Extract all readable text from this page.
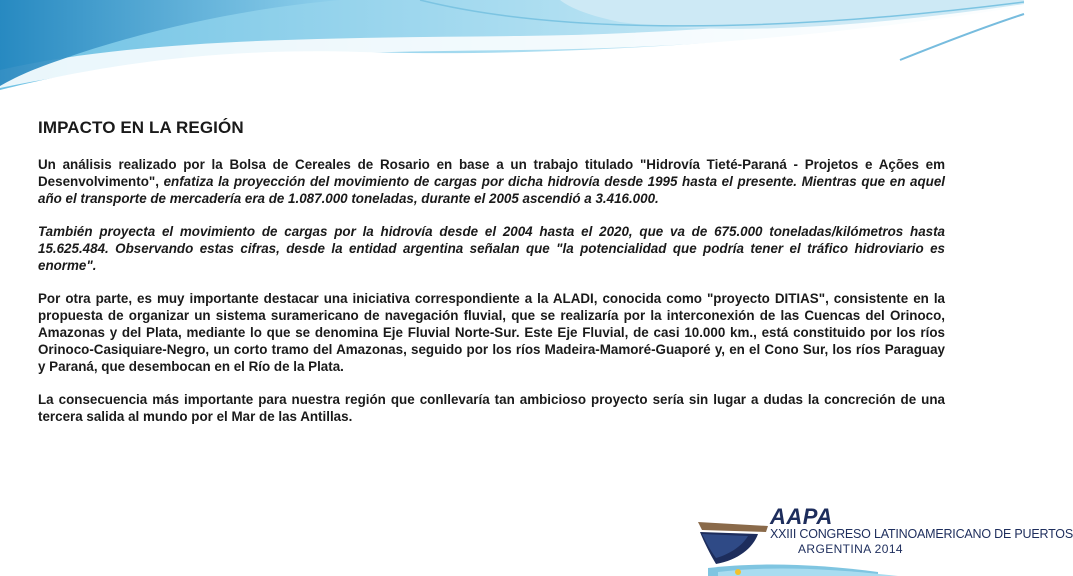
IMPACTO EN LA REGIÓN

Un análisis realizado por la Bolsa de Cereales de Rosario en base a un trabajo titulado "Hidrovía Tieté-Paraná - Projetos e Ações em Desenvolvimento", enfatiza la proyección del movimiento de cargas por dicha hidrovía desde 1995 hasta el presente. Mientras que en aquel año el transporte de mercadería era de 1.087.000 toneladas, durante el 2005 ascendió a 3.416.000.

También proyecta el movimiento de cargas por la hidrovía desde el 2004 hasta el 2020, que va de 675.000 toneladas/kilómetros hasta 15.625.484. Observando estas cifras, desde la entidad argentina señalan que "la potencialidad que podría tener el tráfico hidroviario es enorme".

Por otra parte, es muy importante destacar una iniciativa correspondiente a la ALADI, conocida como "proyecto DITIAS", consistente en la propuesta de organizar un sistema suramericano de navegación fluvial, que se realizaría por la interconexión de las Cuencas del Orinoco, Amazonas y del Plata, mediante lo que se denomina Eje Fluvial Norte-Sur. Este Eje Fluvial, de casi 10.000 km., está constituido por los ríos Orinoco-Casiquiare-Negro, un corto tramo del Amazonas, seguido por los ríos Madeira-Mamoré-Guaporé y, en el Cono Sur, los ríos Paraguay y Paraná, que desembocan en el Río de la Plata.

La consecuencia más importante para nuestra región que conllevaría tan ambicioso proyecto sería sin lugar a dudas la concreción de una tercera salida al mundo por el Mar de las Antillas.

AAPA
XXIII CONGRESO LATINOAMERICANO DE PUERTOS
ARGENTINA 2014
